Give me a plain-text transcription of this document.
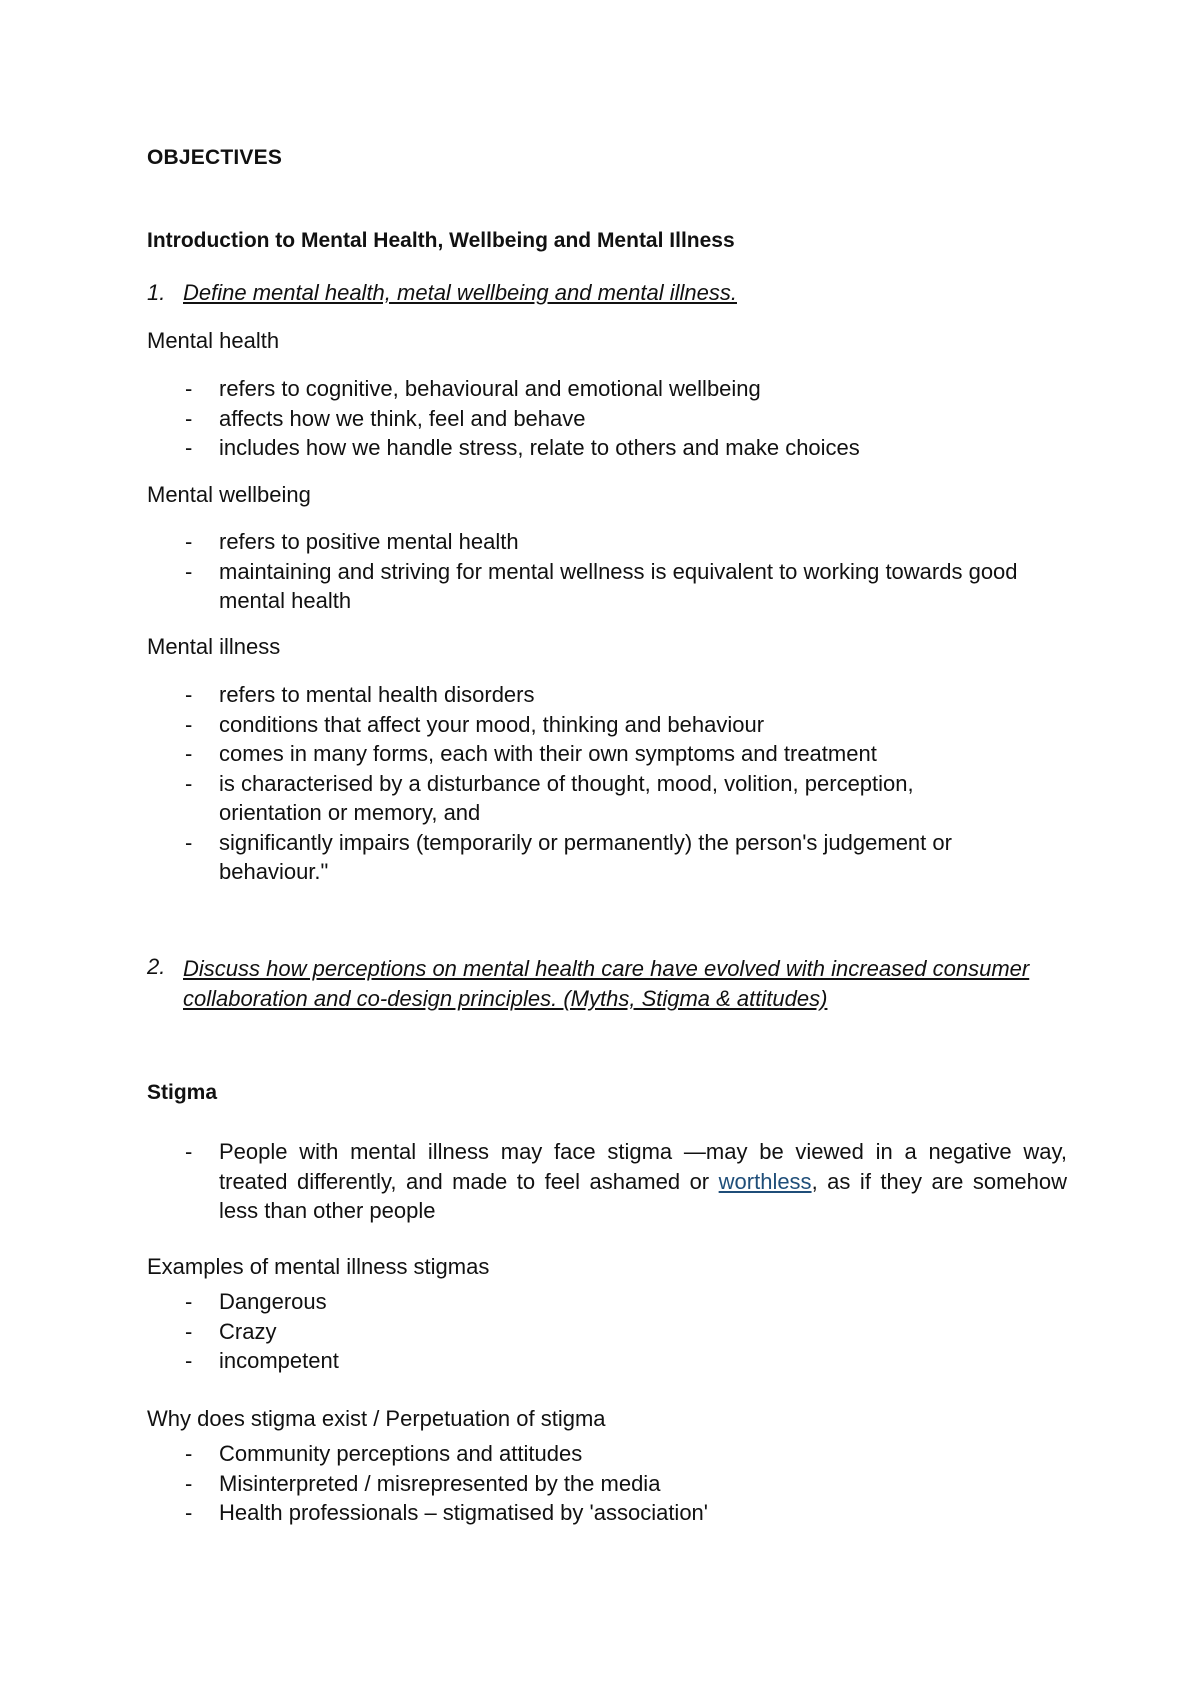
OBJECTIVES

Introduction to Mental Health, Wellbeing and Mental Illness

1. Define mental health, metal wellbeing and mental illness.

Mental health

- refers to cognitive, behavioural and emotional wellbeing
- affects how we think, feel and behave
- includes how we handle stress, relate to others and make choices

Mental wellbeing

- refers to positive mental health
- maintaining and striving for mental wellness is equivalent to working towards good mental health

Mental illness

- refers to mental health disorders
- conditions that affect your mood, thinking and behaviour
- comes in many forms, each with their own symptoms and treatment
- is characterised by a disturbance of thought, mood, volition, perception, orientation or memory, and
- significantly impairs (temporarily or permanently) the person's judgement or behaviour."
2. Discuss how perceptions on mental health care have evolved with increased consumer collaboration and co-design principles. (Myths, Stigma & attitudes)

Stigma

- People with mental illness may face stigma —may be viewed in a negative way, treated differently, and made to feel ashamed or worthless, as if they are somehow less than other people

Examples of mental illness stigmas

- Dangerous
- Crazy
- incompetent

Why does stigma exist / Perpetuation of stigma

- Community perceptions and attitudes
- Misinterpreted / misrepresented by the media
- Health professionals – stigmatised by 'association'
